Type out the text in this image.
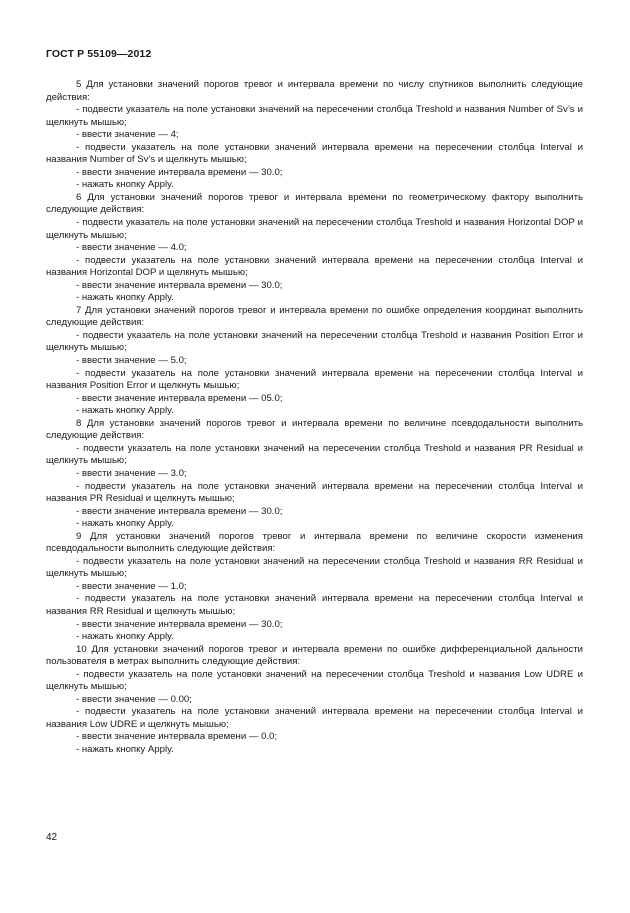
ГОСТ Р 55109—2012

5 Для установки значений порогов тревог и интервала времени по числу спутников выполнить следующие действия:

- подвести указатель на поле установки значений на пересечении столбца Treshold и названия Number of Sv’s и щелкнуть мышью;

- ввести значение — 4;

- подвести указатель на поле установки значений интервала времени на пересечении столбца Interval и названия Number of Sv’s и щелкнуть мышью;

- ввести значение интервала времени — 30.0;

- нажать кнопку Apply.

6 Для установки значений порогов тревог и интервала времени по геометрическому фактору выполнить следующие действия:

- подвести указатель на поле установки значений на пересечении столбца Treshold и названия Horizontal DOP и щелкнуть мышью;

- ввести значение — 4.0;

- подвести указатель на поле установки значений интервала времени на пересечении столбца Interval и названия Horizontal DOP и щелкнуть мышью;

- ввести значение интервала времени — 30.0;

- нажать кнопку Apply.

7 Для установки значений порогов тревог и интервала времени по ошибке определения координат выполнить следующие действия:

- подвести указатель на поле установки значений на пересечении столбца Treshold и названия Position Error и щелкнуть мышью;

- ввести значение — 5.0;

- подвести указатель на поле установки значений интервала времени на пересечении столбца Interval и названия Position Error и щелкнуть мышью;

- ввести значение интервала времени — 05.0;

- нажать кнопку Apply.

8 Для установки значений порогов тревог и интервала времени по величине псевдодальности выполнить следующие действия:

- подвести указатель на поле установки значений на пересечении столбца Treshold и названия PR Residual и щелкнуть мышью;

- ввести значение — 3.0;

- подвести указатель на поле установки значений интервала времени на пересечении столбца Interval и названия PR Residual и щелкнуть мышью;

- ввести значение интервала времени — 30.0;

- нажать кнопку Apply.

9 Для установки значений порогов тревог и интервала времени по величине скорости изменения псевдодальности выполнить следующие действия:

- подвести указатель на поле установки значений на пересечении столбца Treshold и названия RR Residual и щелкнуть мышью;

- ввести значение — 1.0;

- подвести указатель на поле установки значений интервала времени на пересечении столбца Interval и названия RR Residual и щелкнуть мышью;

- ввести значение интервала времени — 30.0;

- нажать кнопку Apply.

10 Для установки значений порогов тревог и интервала времени по ошибке дифференциальной дальности пользователя в метрах выполнить следующие действия:

- подвести указатель на поле установки значений на пересечении столбца Treshold и названия Low UDRE и щелкнуть мышью;

- ввести значение — 0.00;

- подвести указатель на поле установки значений интервала времени на пересечении столбца Interval и названия Low UDRE и щелкнуть мышью;

- ввести значение интервала времени — 0.0;

- нажать кнопку Apply.

42
